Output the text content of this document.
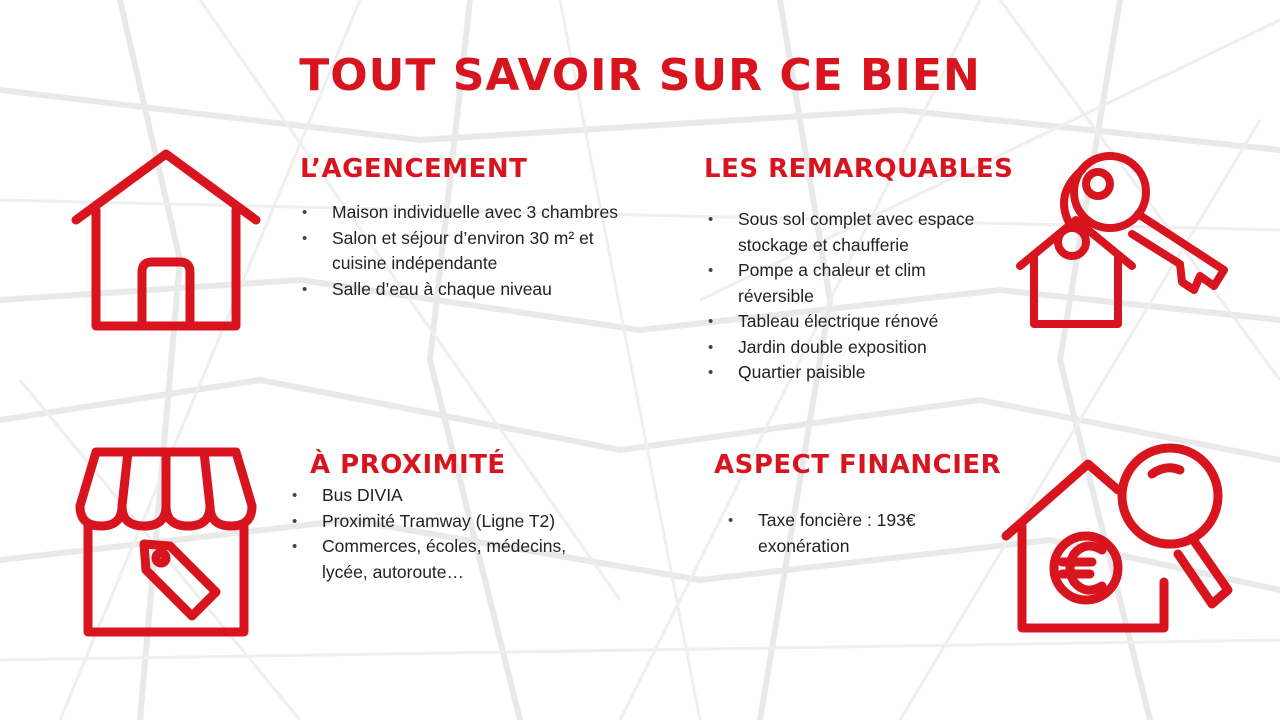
TOUT SAVOIR SUR CE BIEN
L’AGENCEMENT
• Maison individuelle avec 3 chambres
• Salon et séjour d’environ 30 m² et cuisine indépendante
• Salle d’eau à chaque niveau
LES REMARQUABLES
• Sous sol complet avec espace stockage et chaufferie
• Pompe a chaleur et clim réversible
• Tableau électrique rénové
• Jardin double exposition
• Quartier paisible
À PROXIMITÉ
• Bus DIVIA
• Proximité Tramway (Ligne T2)
• Commerces, écoles, médecins, lycée, autoroute…
ASPECT FINANCIER
• Taxe foncière : 193€ exonération
